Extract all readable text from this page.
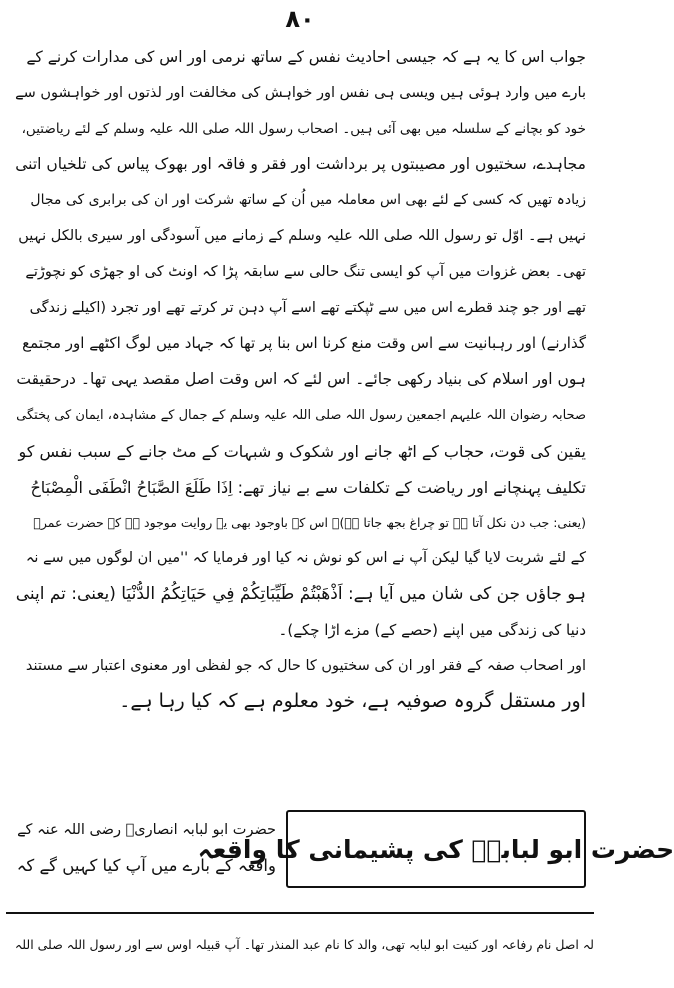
۸۰
جواب اس کا یہ ہے کہ جیسی احادیث نفس کے ساتھ نرمی اور اس کی مدارات کرنے کے
بارے میں وارد ہوئی ہیں ویسی ہی نفس اور خواہش کی مخالفت اور لذتوں اور خواہشوں سے
خود کو بچانے کے سلسلہ میں بھی آئی ہیں۔ اصحاب رسول اللہ صلی اللہ علیہ وسلم کے لئے ریاضتیں،
مجاہدے، سختیوں اور مصیبتوں پر برداشت اور فقر و فاقہ اور بھوک پیاس کی تلخیاں اتنی
زیادہ تھیں کہ کسی کے لئے بھی اس معاملہ میں اُن کے ساتھ شرکت اور ان کی برابری کی مجال
نہیں ہے۔ اوّل تو رسول اللہ صلی اللہ علیہ وسلم کے زمانے میں آسودگی اور سیری بالکل نہیں
تھی۔ بعض غزوات میں آپ کو ایسی تنگ حالی سے سابقہ پڑا کہ اونٹ کی او جھڑی کو نچوڑتے
تھے اور جو چند قطرے اس میں سے ٹپکتے تھے اسے آپ دہن تر کرتے تھے اور تجرد (اکیلے زندگی
گذارنے) اور رہبانیت سے اس وقت منع کرنا اس بنا پر تھا کہ جہاد میں لوگ اکٹھے اور مجتمع
ہوں اور اسلام کی بنیاد رکھی جائے۔ اس لئے کہ اس وقت اصل مقصد یہی تھا۔ درحقیقت
صحابہ رضوان اللہ علیہم اجمعین رسول اللہ صلی اللہ علیہ وسلم کے جمال کے مشاہدہ، ایمان کی پختگی
یقین کی قوت، حجاب کے اٹھ جانے اور شکوک و شبہات کے مٹ جانے کے سبب نفس کو
تکلیف پہنچانے اور ریاضت کے تکلفات سے بے نیاز تھے: اِذَا طَلَعَ الصَّبَاحُ انْطَفَی الْمِصْبَاحُ
(یعنی: جب دن نکل آتا ہے تو چراغ بجھ جاتا ہے)۔ اس کے باوجود بھی یہ روایت موجود ہے کہ حضرت عمرؓ
کے لئے شربت لایا گیا لیکن آپ نے اس کو نوش نہ کیا اور فرمایا کہ ''میں ان لوگوں میں سے نہ
ہو جاؤں جن کی شان میں آیا ہے: اَذْهَبْتُمْ طَيِّبَاتِكُمْ فِي حَيَاتِكُمُ الدُّنْيَا (یعنی: تم اپنی
دنیا کی زندگی میں اپنے (حصے کے) مزے اڑا چکے)۔
اور اصحاب صفہ کے فقر اور ان کی سختیوں کا حال کہ جو لفظی اور معنوی اعتبار سے مستند
اور مستقل گروہ صوفیہ ہے، خود معلوم ہے کہ کیا رہا ہے۔
حضرت ابو لبابہؓ کی پشیمانی کا واقعہ
حضرت ابو لبابہ انصاریؓ رضی اللہ عنہ کے
واقعہ کے بارے میں آپ کیا کہیں گے کہ
لہ اصل نام رفاعہ اور کنیت ابو لبابہ تھی، والد کا نام عبد المنذر تھا۔ آپ قبیلہ اوس سے اور رسول اللہ صلی اللہ
